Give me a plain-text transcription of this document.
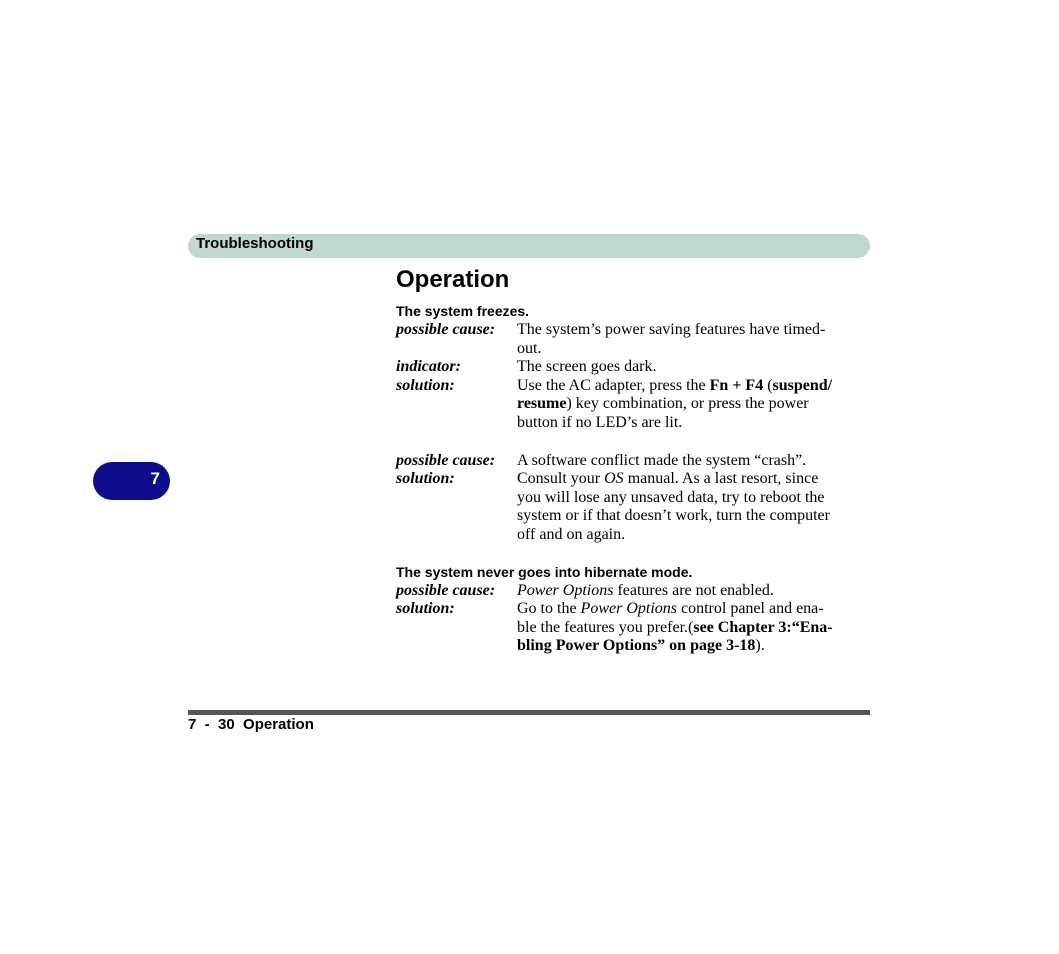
Troubleshooting
7
Operation
The system freezes.
possible cause:	The system’s power saving features have timed-out.
indicator:	The screen goes dark.
solution:	Use the AC adapter, press the Fn + F4 (suspend/ resume) key combination, or press the power button if no LED’s are lit.
possible cause:	A software conflict made the system “crash”.
solution:	Consult your OS manual. As a last resort, since you will lose any unsaved data, try to reboot the system or if that doesn’t work, turn the computer off and on again.
The system never goes into hibernate mode.
possible cause:	Power Options features are not enabled.
solution:	Go to the Power Options control panel and ena-ble the features you prefer.(see Chapter 3:“Ena-bling Power Options” on page 3-18).
7  -  30  Operation
